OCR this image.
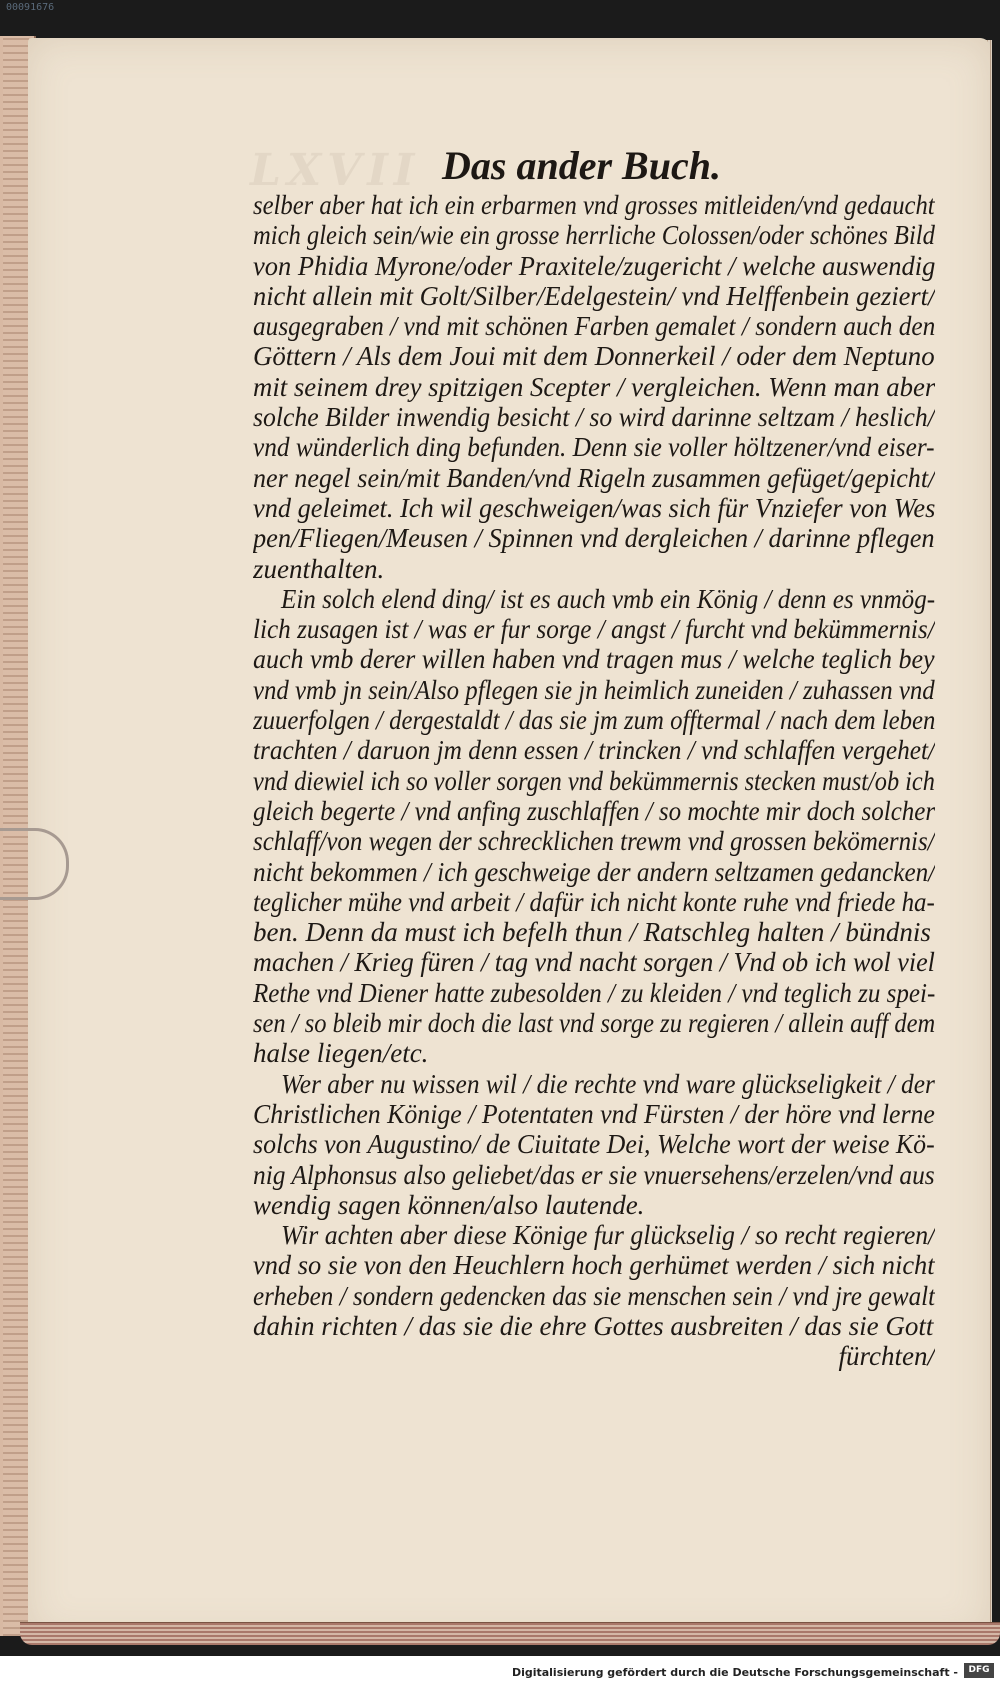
00091676
LXVII Das ander Buch.
selber aber hat ich ein erbarmen vnd grosses mitleiden/vnd gedaucht
mich gleich sein/wie ein grosse herrliche Colossen/oder schönes Bild
von Phidia Myrone/oder Praxitele/zugericht / welche auswendig
nicht allein mit Golt/Silber/Edelgestein/ vnd Helffenbein geziert/
ausgegraben / vnd mit schönen Farben gemalet / sondern auch den
Göttern / Als dem Joui mit dem Donnerkeil / oder dem Neptuno
mit seinem drey spitzigen Scepter / vergleichen. Wenn man aber
solche Bilder inwendig besicht / so wird darinne seltzam / heslich/
vnd wünderlich ding befunden. Denn sie voller höltzener/vnd eiser-
ner negel sein/mit Banden/vnd Rigeln zusammen gefüget/gepicht/
vnd geleimet. Ich wil geschweigen/was sich für Vnziefer von Wes
pen/Fliegen/Meusen / Spinnen vnd dergleichen / darinne pflegen
zuenthalten.
Ein solch elend ding/ ist es auch vmb ein König / denn es vnmög-
lich zusagen ist / was er fur sorge / angst / furcht vnd bekümmernis/
auch vmb derer willen haben vnd tragen mus / welche teglich bey
vnd vmb jn sein/Also pflegen sie jn heimlich zuneiden / zuhassen vnd
zuuerfolgen / dergestaldt / das sie jm zum offtermal / nach dem leben
trachten / daruon jm denn essen / trincken / vnd schlaffen vergehet/
vnd diewiel ich so voller sorgen vnd bekümmernis stecken must/ob ich
gleich begerte / vnd anfing zuschlaffen / so mochte mir doch solcher
schlaff/von wegen der schrecklichen trewm vnd grossen bekömernis/
nicht bekommen / ich geschweige der andern seltzamen gedancken/
teglicher mühe vnd arbeit / dafür ich nicht konte ruhe vnd friede ha-
ben. Denn da must ich befelh thun / Ratschleg halten / bündnis
machen / Krieg füren / tag vnd nacht sorgen / Vnd ob ich wol viel
Rethe vnd Diener hatte zubesolden / zu kleiden / vnd teglich zu spei-
sen / so bleib mir doch die last vnd sorge zu regieren / allein auff dem
halse liegen/etc.
Wer aber nu wissen wil / die rechte vnd ware glückseligkeit / der
Christlichen Könige / Potentaten vnd Fürsten / der höre vnd lerne
solchs von Augustino/ de Ciuitate Dei, Welche wort der weise Kö-
nig Alphonsus also geliebet/das er sie vnuersehens/erzelen/vnd aus
wendig sagen können/also lautende.
Wir achten aber diese Könige fur glückselig / so recht regieren/
vnd so sie von den Heuchlern hoch gerhümet werden / sich nicht
erheben / sondern gedencken das sie menschen sein / vnd jre gewalt
dahin richten / das sie die ehre Gottes ausbreiten / das sie Gott
fürchten/
Digitalisierung gefördert durch die Deutsche Forschungsgemeinschaft -	DFG
